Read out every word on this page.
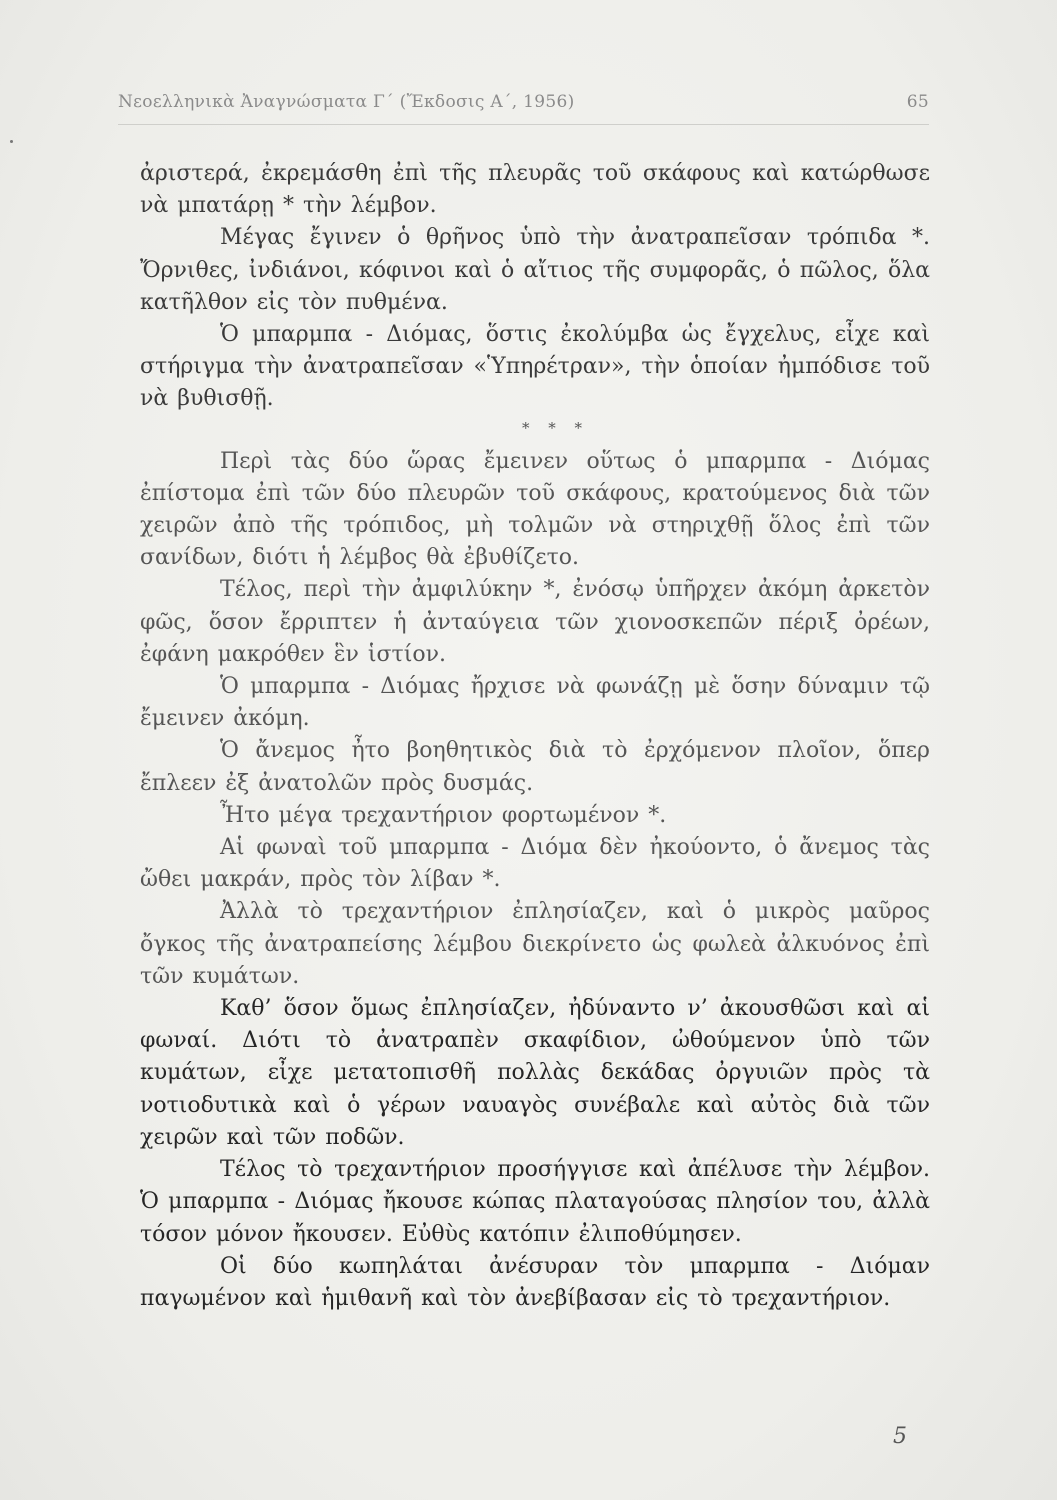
Νεοελληνικὰ Ἀναγνώσματα Γ΄ (Ἔκδοσις Α΄, 1956)	65

ἀριστερά, ἐκρεμάσθη ἐπὶ τῆς πλευρᾶς τοῦ σκάφους καὶ κατώρθωσε νὰ μπατάρῃ * τὴν λέμβον.

Μέγας ἔγινεν ὁ θρῆνος ὑπὸ τὴν ἀνατραπεῖσαν τρόπιδα *. Ὄρνιθες, ἰνδιάνοι, κόφινοι καὶ ὁ αἴτιος τῆς συμφορᾶς, ὁ πῶλος, ὅλα κατῆλθον εἰς τὸν πυθμένα.

Ὁ μπαρμπα - Διόμας, ὅστις ἐκολύμβα ὡς ἔγχελυς, εἶχε καὶ στήριγμα τὴν ἀνατραπεῖσαν «Ὑπηρέτραν», τὴν ὁποίαν ἠμπόδισε τοῦ νὰ βυθισθῇ.

* * *

Περὶ τὰς δύο ὥρας ἔμεινεν οὕτως ὁ μπαρμπα - Διόμας ἐπίστομα ἐπὶ τῶν δύο πλευρῶν τοῦ σκάφους, κρατούμενος διὰ τῶν χειρῶν ἀπὸ τῆς τρόπιδος, μὴ τολμῶν νὰ στηριχθῇ ὅλος ἐπὶ τῶν σανίδων, διότι ἡ λέμβος θὰ ἐβυθίζετο.

Τέλος, περὶ τὴν ἀμφιλύκην *, ἐνόσῳ ὑπῆρχεν ἀκόμη ἀρκετὸν φῶς, ὅσον ἔρριπτεν ἡ ἀνταύγεια τῶν χιονοσκεπῶν πέριξ ὀρέων, ἐφάνη μακρόθεν ἓν ἱστίον.

Ὁ μπαρμπα - Διόμας ἤρχισε νὰ φωνάζῃ μὲ ὅσην δύναμιν τῷ ἔμεινεν ἀκόμη.

Ὁ ἄνεμος ἦτο βοηθητικὸς διὰ τὸ ἐρχόμενον πλοῖον, ὅπερ ἔπλεεν ἐξ ἀνατολῶν πρὸς δυσμάς.

Ἦτο μέγα τρεχαντήριον φορτωμένον *.

Αἱ φωναὶ τοῦ μπαρμπα - Διόμα δὲν ἠκούοντο, ὁ ἄνεμος τὰς ὤθει μακράν, πρὸς τὸν λίβαν *.

Ἀλλὰ τὸ τρεχαντήριον ἐπλησίαζεν, καὶ ὁ μικρὸς μαῦρος ὄγκος τῆς ἀνατραπείσης λέμβου διεκρίνετο ὡς φωλεὰ ἀλκυόνος ἐπὶ τῶν κυμάτων.

Καθ’ ὅσον ὅμως ἐπλησίαζεν, ἠδύναντο ν’ ἀκουσθῶσι καὶ αἱ φωναί. Διότι τὸ ἀνατραπὲν σκαφίδιον, ὠθούμενον ὑπὸ τῶν κυμάτων, εἶχε μετατοπισθῆ πολλὰς δεκάδας ὀργυιῶν πρὸς τὰ νοτιοδυτικὰ καὶ ὁ γέρων ναυαγὸς συνέβαλε καὶ αὐτὸς διὰ τῶν χειρῶν καὶ τῶν ποδῶν.

Τέλος τὸ τρεχαντήριον προσήγγισε καὶ ἀπέλυσε τὴν λέμβον. Ὁ μπαρμπα - Διόμας ἤκουσε κώπας πλαταγούσας πλησίον του, ἀλλὰ τόσον μόνον ἤκουσεν. Εὐθὺς κατόπιν ἐλιποθύμησεν.

Οἱ δύο κωπηλάται ἀνέσυραν τὸν μπαρμπα - Διόμαν παγωμένον καὶ ἡμιθανῆ καὶ τὸν ἀνεβίβασαν εἰς τὸ τρεχαντήριον.

5
